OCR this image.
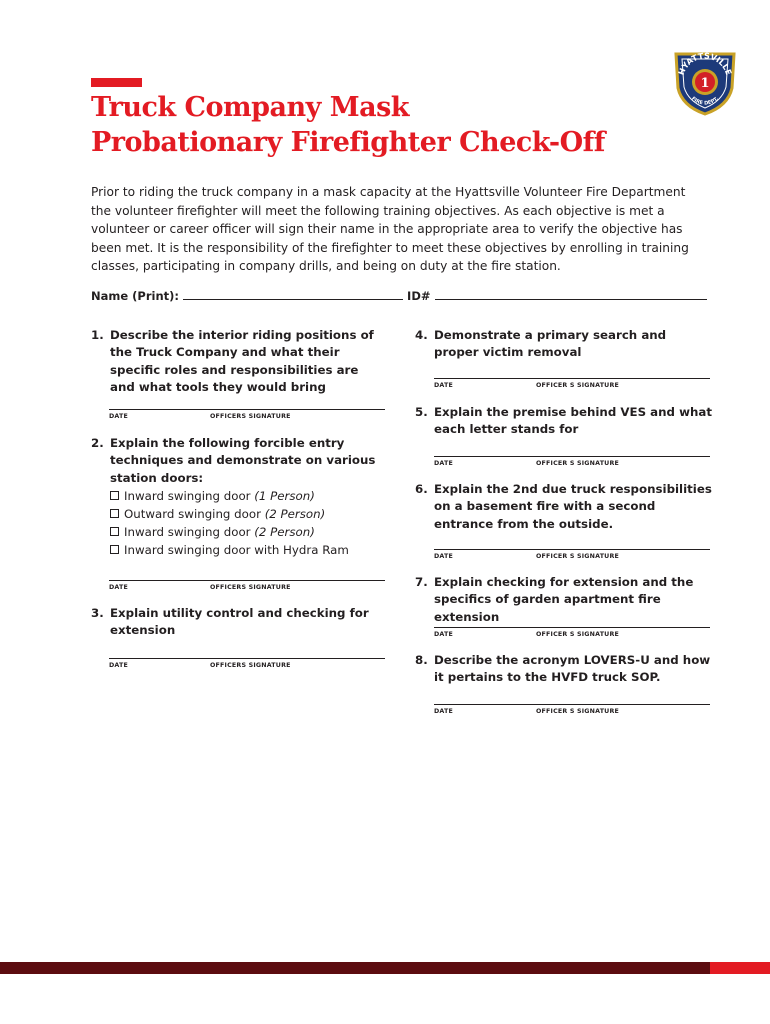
Truck Company Mask
Probationary Firefighter Check-Off
1
HYATTSVILLE
FIRE DEPT.

Prior to riding the truck company in a mask capacity at the Hyattsville Volunteer Fire Department the volunteer firefighter will meet the following training objectives. As each objective is met a volunteer or career officer will sign their name in the appropriate area to verify the objective has been met. It is the responsibility of the firefighter to meet these objectives by enrolling in training classes, participating in company drills, and being on duty at the fire station.

Name (Print):	ID#
1. Describe the interior riding positions of the Truck Company and what their specific roles and responsibilities are and what tools they would bring
DATE	OFFICERS SIGNATURE
2. Explain the following forcible entry techniques and demonstrate on various station doors:
Inward swinging door (1 Person)
Outward swinging door (2 Person)
Inward swinging door (2 Person)
Inward swinging door with Hydra Ram
DATE	OFFICERS SIGNATURE
3. Explain utility control and checking for extension
DATE	OFFICERS SIGNATURE
4. Demonstrate a primary search and proper victim removal
DATE	OFFICER S SIGNATURE
5. Explain the premise behind VES and what each letter stands for
DATE	OFFICER S SIGNATURE
6. Explain the 2nd due truck responsibilities on a basement fire with a second entrance from the outside.
DATE	OFFICER S SIGNATURE
7. Explain checking for extension and the specifics of garden apartment fire extension
DATE	OFFICER S SIGNATURE
8. Describe the acronym LOVERS-U and how it pertains to the HVFD truck SOP.
DATE	OFFICER S SIGNATURE
